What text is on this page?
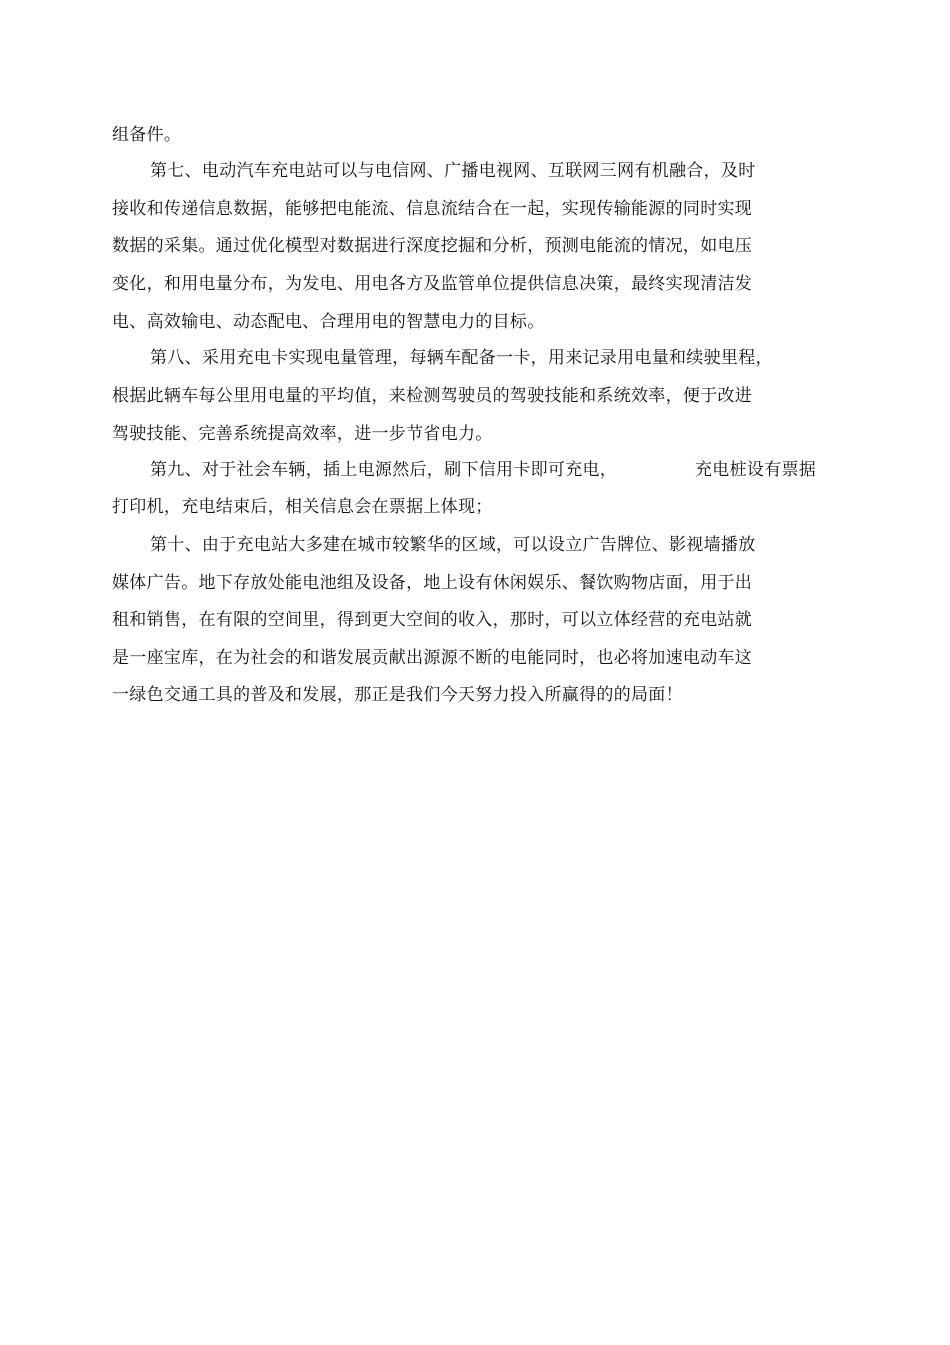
组备件。
第七、电动汽车充电站可以与电信网、广播电视网、互联网三网有机融合，及时
接收和传递信息数据，能够把电能流、信息流结合在一起，实现传输能源的同时实现
数据的采集。通过优化模型对数据进行深度挖掘和分析，预测电能流的情况，如电压
变化，和用电量分布，为发电、用电各方及监管单位提供信息决策，最终实现清洁发
电、高效输电、动态配电、合理用电的智慧电力的目标。
第八、采用充电卡实现电量管理，每辆车配备一卡，用来记录用电量和续驶里程，
根据此辆车每公里用电量的平均值，来检测驾驶员的驾驶技能和系统效率，便于改进
驾驶技能、完善系统提高效率，进一步节省电力。
第九、对于社会车辆，插上电源然后，刷下信用卡即可充电，	充电桩设有票据
打印机，充电结束后，相关信息会在票据上体现；
第十、由于充电站大多建在城市较繁华的区域，可以设立广告牌位、影视墙播放
媒体广告。地下存放处能电池组及设备，地上设有休闲娱乐、餐饮购物店面，用于出
租和销售，在有限的空间里，得到更大空间的收入，那时，可以立体经营的充电站就
是一座宝库，在为社会的和谐发展贡献出源源不断的电能同时，也必将加速电动车这
一绿色交通工具的普及和发展，那正是我们今天努力投入所赢得的的局面！
